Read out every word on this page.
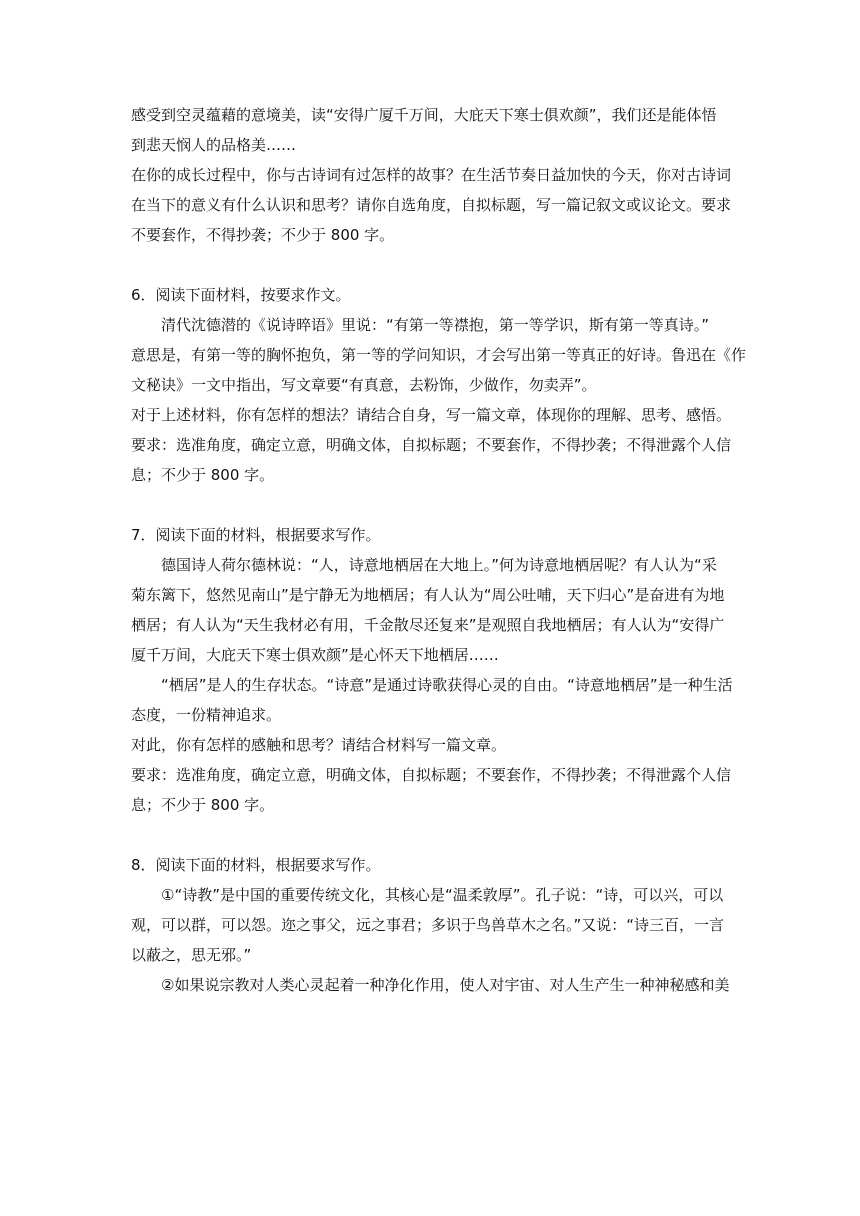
感受到空灵蕴藉的意境美，读“安得广厦千万间，大庇天下寒士俱欢颜”，我们还是能体悟
到悲天悯人的品格美……
在你的成长过程中，你与古诗词有过怎样的故事？在生活节奏日益加快的今天，你对古诗词
在当下的意义有什么认识和思考？请你自选角度，自拟标题，写一篇记叙文或议论文。要求
不要套作，不得抄袭；不少于 800 字。
6．阅读下面材料，按要求作文。
　　清代沈德潜的《说诗晬语》里说：“有第一等襟抱，第一等学识，斯有第一等真诗。”
意思是，有第一等的胸怀抱负，第一等的学问知识，才会写出第一等真正的好诗。鲁迅在《作
文秘诀》一文中指出，写文章要“有真意，去粉饰，少做作，勿卖弄”。
对于上述材料，你有怎样的想法？请结合自身，写一篇文章，体现你的理解、思考、感悟。
要求：选准角度，确定立意，明确文体，自拟标题；不要套作，不得抄袭；不得泄露个人信
息；不少于 800 字。
7．阅读下面的材料，根据要求写作。
　　德国诗人荷尔德林说：“人，诗意地栖居在大地上。”何为诗意地栖居呢？有人认为“采
菊东篱下，悠然见南山”是宁静无为地栖居；有人认为“周公吐哺，天下归心”是奋进有为地
栖居；有人认为“天生我材必有用，千金散尽还复来”是观照自我地栖居；有人认为“安得广
厦千万间，大庇天下寒士俱欢颜”是心怀天下地栖居……
　　“栖居”是人的生存状态。“诗意”是通过诗歌获得心灵的自由。“诗意地栖居”是一种生活
态度，一份精神追求。
对此，你有怎样的感触和思考？请结合材料写一篇文章。
要求：选准角度，确定立意，明确文体，自拟标题；不要套作，不得抄袭；不得泄露个人信
息；不少于 800 字。
8．阅读下面的材料，根据要求写作。
　　①“诗教”是中国的重要传统文化，其核心是“温柔敦厚”。孔子说：“诗，可以兴，可以
观，可以群，可以怨。迩之事父，远之事君；多识于鸟兽草木之名。”又说：“诗三百，一言
以蔽之，思无邪。”
　　②如果说宗教对人类心灵起着一种净化作用，使人对宇宙、对人生产生一种神秘感和美
